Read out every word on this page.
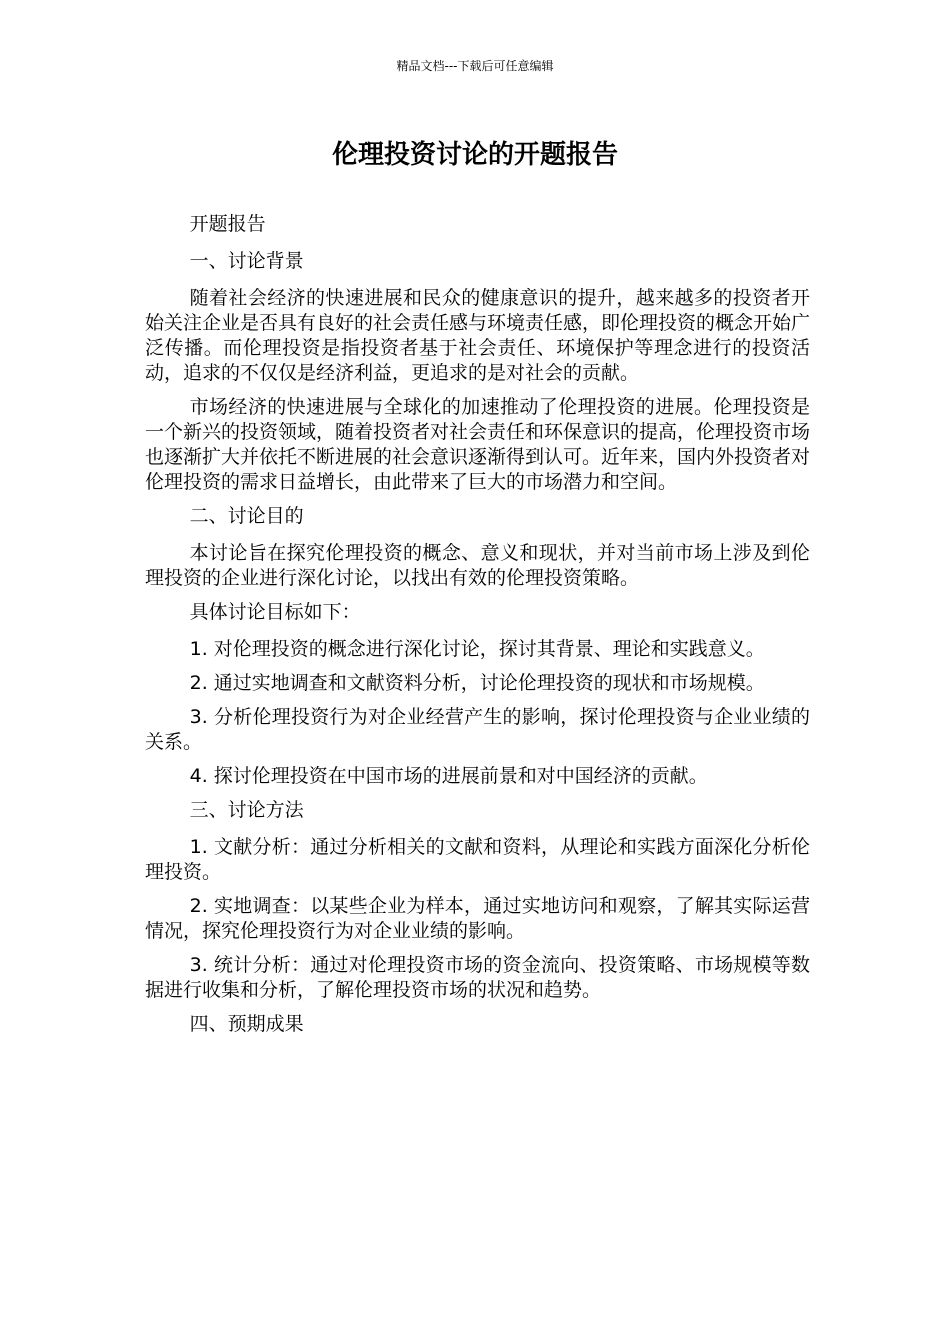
精品文档---下载后可任意编辑
伦理投资讨论的开题报告

开题报告

一、讨论背景

随着社会经济的快速进展和民众的健康意识的提升，越来越多的投资者开始关注企业是否具有良好的社会责任感与环境责任感，即伦理投资的概念开始广泛传播。而伦理投资是指投资者基于社会责任、环境保护等理念进行的投资活动，追求的不仅仅是经济利益，更追求的是对社会的贡献。

市场经济的快速进展与全球化的加速推动了伦理投资的进展。伦理投资是一个新兴的投资领域，随着投资者对社会责任和环保意识的提高，伦理投资市场也逐渐扩大并依托不断进展的社会意识逐渐得到认可。近年来，国内外投资者对伦理投资的需求日益增长，由此带来了巨大的市场潜力和空间。

二、讨论目的

本讨论旨在探究伦理投资的概念、意义和现状，并对当前市场上涉及到伦理投资的企业进行深化讨论，以找出有效的伦理投资策略。

具体讨论目标如下：

1. 对伦理投资的概念进行深化讨论，探讨其背景、理论和实践意义。

2. 通过实地调查和文献资料分析，讨论伦理投资的现状和市场规模。

3. 分析伦理投资行为对企业经营产生的影响，探讨伦理投资与企业业绩的关系。

4. 探讨伦理投资在中国市场的进展前景和对中国经济的贡献。

三、讨论方法

1. 文献分析：通过分析相关的文献和资料，从理论和实践方面深化分析伦理投资。

2. 实地调查：以某些企业为样本，通过实地访问和观察，了解其实际运营情况，探究伦理投资行为对企业业绩的影响。

3. 统计分析：通过对伦理投资市场的资金流向、投资策略、市场规模等数据进行收集和分析，了解伦理投资市场的状况和趋势。

四、预期成果
